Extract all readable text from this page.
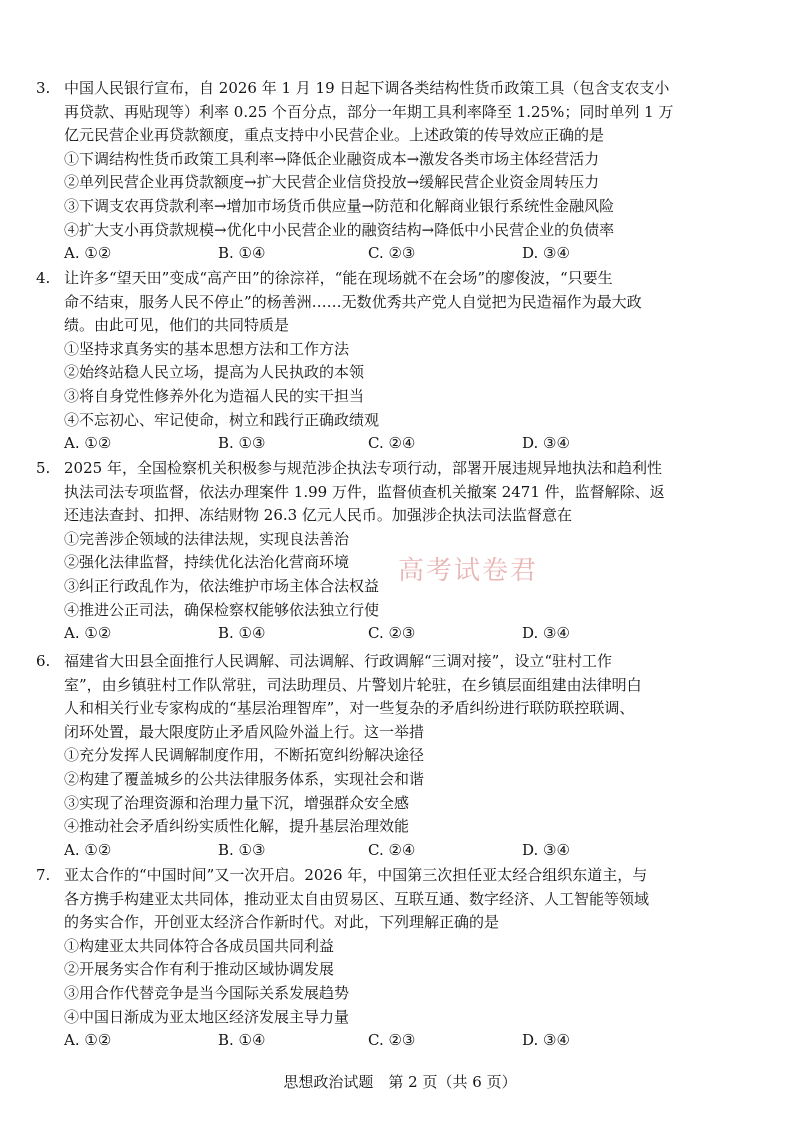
3. 中国人民银行宣布，自 2026 年 1 月 19 日起下调各类结构性货币政策工具（包含支农支小
再贷款、再贴现等）利率 0.25 个百分点，部分一年期工具利率降至 1.25%；同时单列 1 万
亿元民营企业再贷款额度，重点支持中小民营企业。上述政策的传导效应正确的是
①下调结构性货币政策工具利率→降低企业融资成本→激发各类市场主体经营活力
②单列民营企业再贷款额度→扩大民营企业信贷投放→缓解民营企业资金周转压力
③下调支农再贷款利率→增加市场货币供应量→防范和化解商业银行系统性金融风险
④扩大支小再贷款规模→优化中小民营企业的融资结构→降低中小民营企业的负债率
A. ①②	B. ①④	C. ②③	D. ③④
4. 让许多“望天田”变成“高产田”的徐淙祥，“能在现场就不在会场”的廖俊波，“只要生
命不结束，服务人民不停止”的杨善洲……无数优秀共产党人自觉把为民造福作为最大政
绩。由此可见，他们的共同特质是
①坚持求真务实的基本思想方法和工作方法
②始终站稳人民立场，提高为人民执政的本领
③将自身党性修养外化为造福人民的实干担当
④不忘初心、牢记使命，树立和践行正确政绩观
A. ①②	B. ①③	C. ②④	D. ③④
5. 2025 年，全国检察机关积极参与规范涉企执法专项行动，部署开展违规异地执法和趋利性
执法司法专项监督，依法办理案件 1.99 万件，监督侦查机关撤案 2471 件，监督解除、返
还违法查封、扣押、冻结财物 26.3 亿元人民币。加强涉企执法司法监督意在
①完善涉企领域的法律法规，实现良法善治
②强化法律监督，持续优化法治化营商环境
③纠正行政乱作为，依法维护市场主体合法权益
④推进公正司法，确保检察权能够依法独立行使
A. ①②	B. ①④	C. ②③	D. ③④
6. 福建省大田县全面推行人民调解、司法调解、行政调解“三调对接”，设立“驻村工作
室”，由乡镇驻村工作队常驻，司法助理员、片警划片轮驻，在乡镇层面组建由法律明白
人和相关行业专家构成的“基层治理智库”，对一些复杂的矛盾纠纷进行联防联控联调、
闭环处置，最大限度防止矛盾风险外溢上行。这一举措
①充分发挥人民调解制度作用，不断拓宽纠纷解决途径
②构建了覆盖城乡的公共法律服务体系，实现社会和谐
③实现了治理资源和治理力量下沉，增强群众安全感
④推动社会矛盾纠纷实质性化解，提升基层治理效能
A. ①②	B. ①③	C. ②④	D. ③④
7. 亚太合作的“中国时间”又一次开启。2026 年，中国第三次担任亚太经合组织东道主，与
各方携手构建亚太共同体，推动亚太自由贸易区、互联互通、数字经济、人工智能等领域
的务实合作，开创亚太经济合作新时代。对此，下列理解正确的是
①构建亚太共同体符合各成员国共同利益
②开展务实合作有利于推动区域协调发展
③用合作代替竞争是当今国际关系发展趋势
④中国日渐成为亚太地区经济发展主导力量
A. ①②	B. ①④	C. ②③	D. ③④
高考试卷君
思想政治试题　第 2 页（共 6 页）
